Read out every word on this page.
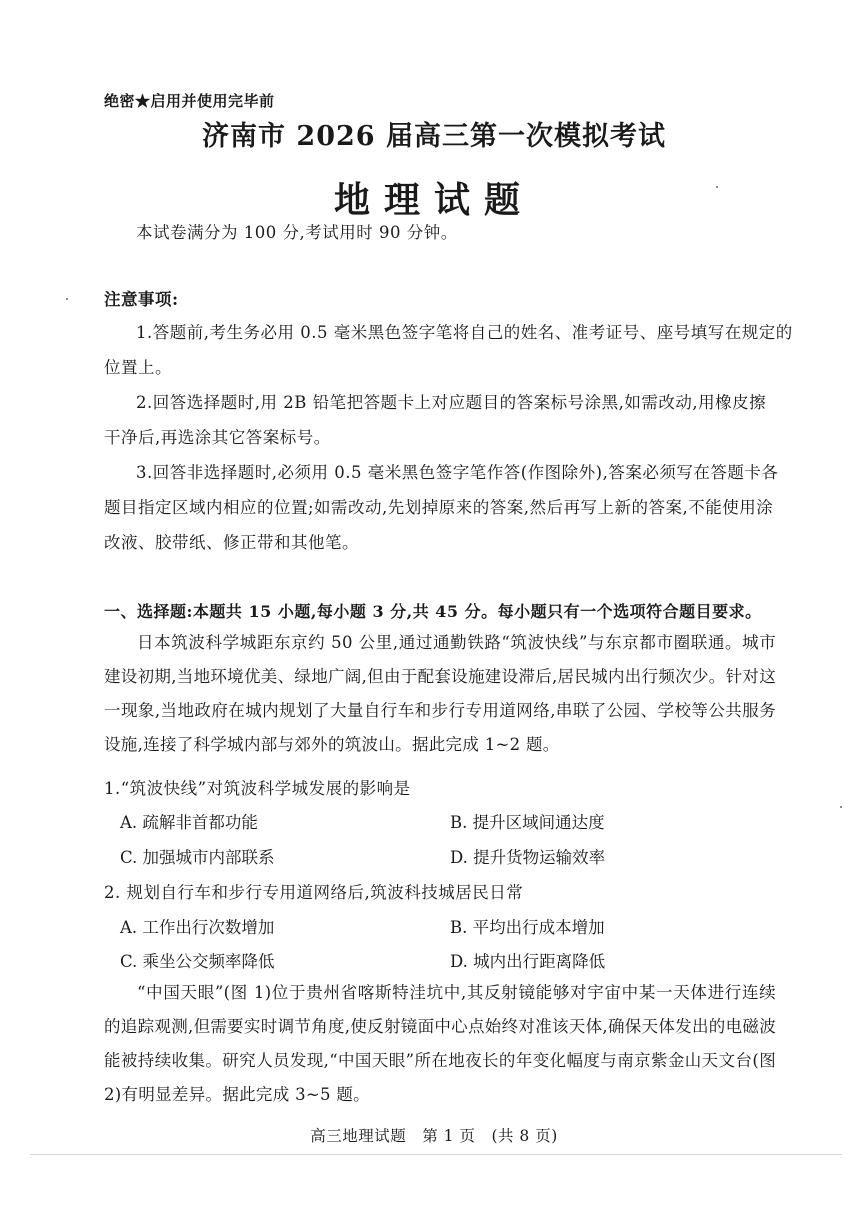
绝密★启用并使用完毕前
济南市 2026 届高三第一次模拟考试
地理试题
本试卷满分为 100 分,考试用时 90 分钟。
注意事项:
1.答题前,考生务必用 0.5 毫米黑色签字笔将自己的姓名、准考证号、座号填写在规定的
位置上。
2.回答选择题时,用 2B 铅笔把答题卡上对应题目的答案标号涂黑,如需改动,用橡皮擦
干净后,再选涂其它答案标号。
3.回答非选择题时,必须用 0.5 毫米黑色签字笔作答(作图除外),答案必须写在答题卡各
题目指定区域内相应的位置;如需改动,先划掉原来的答案,然后再写上新的答案,不能使用涂
改液、胶带纸、修正带和其他笔。
一、选择题:本题共 15 小题,每小题 3 分,共 45 分。每小题只有一个选项符合题目要求。

日本筑波科学城距东京约 50 公里,通过通勤铁路“筑波快线”与东京都市圈联通。城市建设初期,当地环境优美、绿地广阔,但由于配套设施建设滞后,居民城内出行频次少。针对这一现象,当地政府在城内规划了大量自行车和步行专用道网络,串联了公园、学校等公共服务设施,连接了科学城内部与郊外的筑波山。据此完成 1~2 题。

1.“筑波快线”对筑波科学城发展的影响是
A. 疏解非首都功能	B. 提升区域间通达度
C. 加强城市内部联系	D. 提升货物运输效率
2. 规划自行车和步行专用道网络后,筑波科技城居民日常
A. 工作出行次数增加	B. 平均出行成本增加
C. 乘坐公交频率降低	D. 城内出行距离降低

“中国天眼”(图 1)位于贵州省喀斯特洼坑中,其反射镜能够对宇宙中某一天体进行连续的追踪观测,但需要实时调节角度,使反射镜面中心点始终对准该天体,确保天体发出的电磁波能被持续收集。研究人员发现,“中国天眼”所在地夜长的年变化幅度与南京紫金山天文台(图 2)有明显差异。据此完成 3~5 题。

高三地理试题　第 1 页　(共 8 页)
